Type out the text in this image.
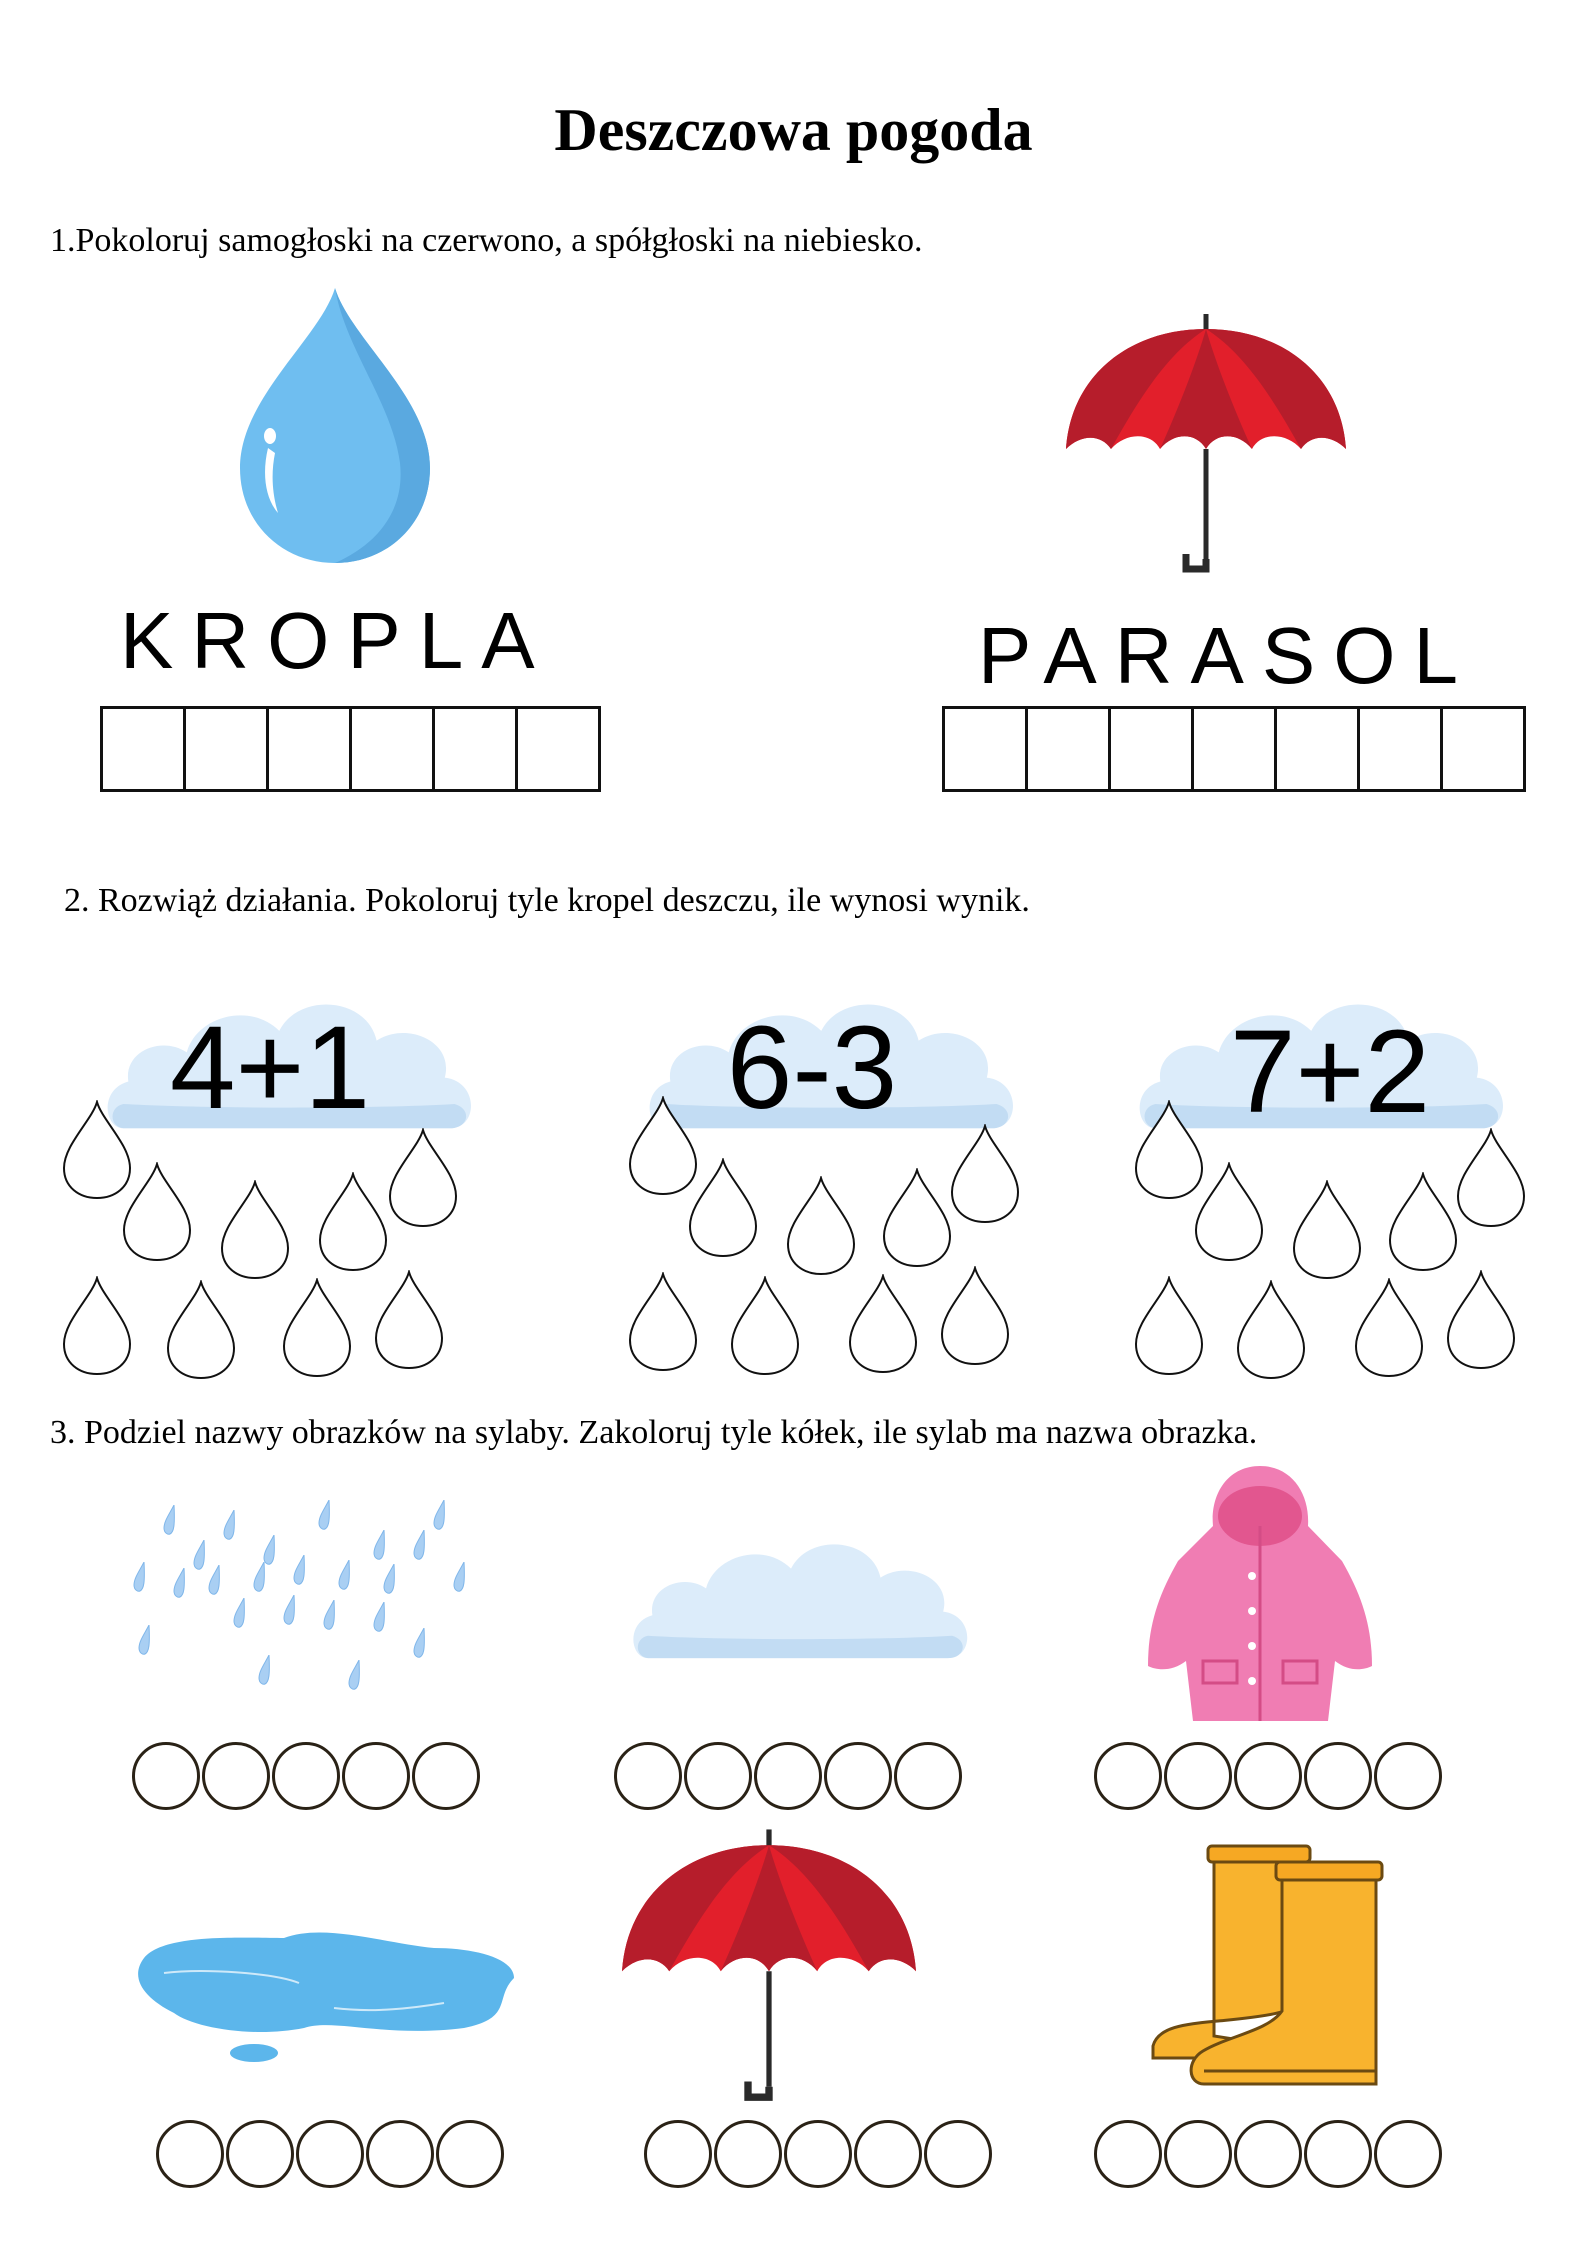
Deszczowa pogoda
1.Pokoloruj samogłoski na czerwono, a spółgłoski na niebiesko.
KROPLA	PARASOL
2. Rozwiąż działania. Pokoloruj tyle kropel deszczu, ile wynosi wynik.
4+1	6-3	7+2
3. Podziel nazwy obrazków na sylaby. Zakoloruj tyle kółek, ile sylab ma nazwa obrazka.
